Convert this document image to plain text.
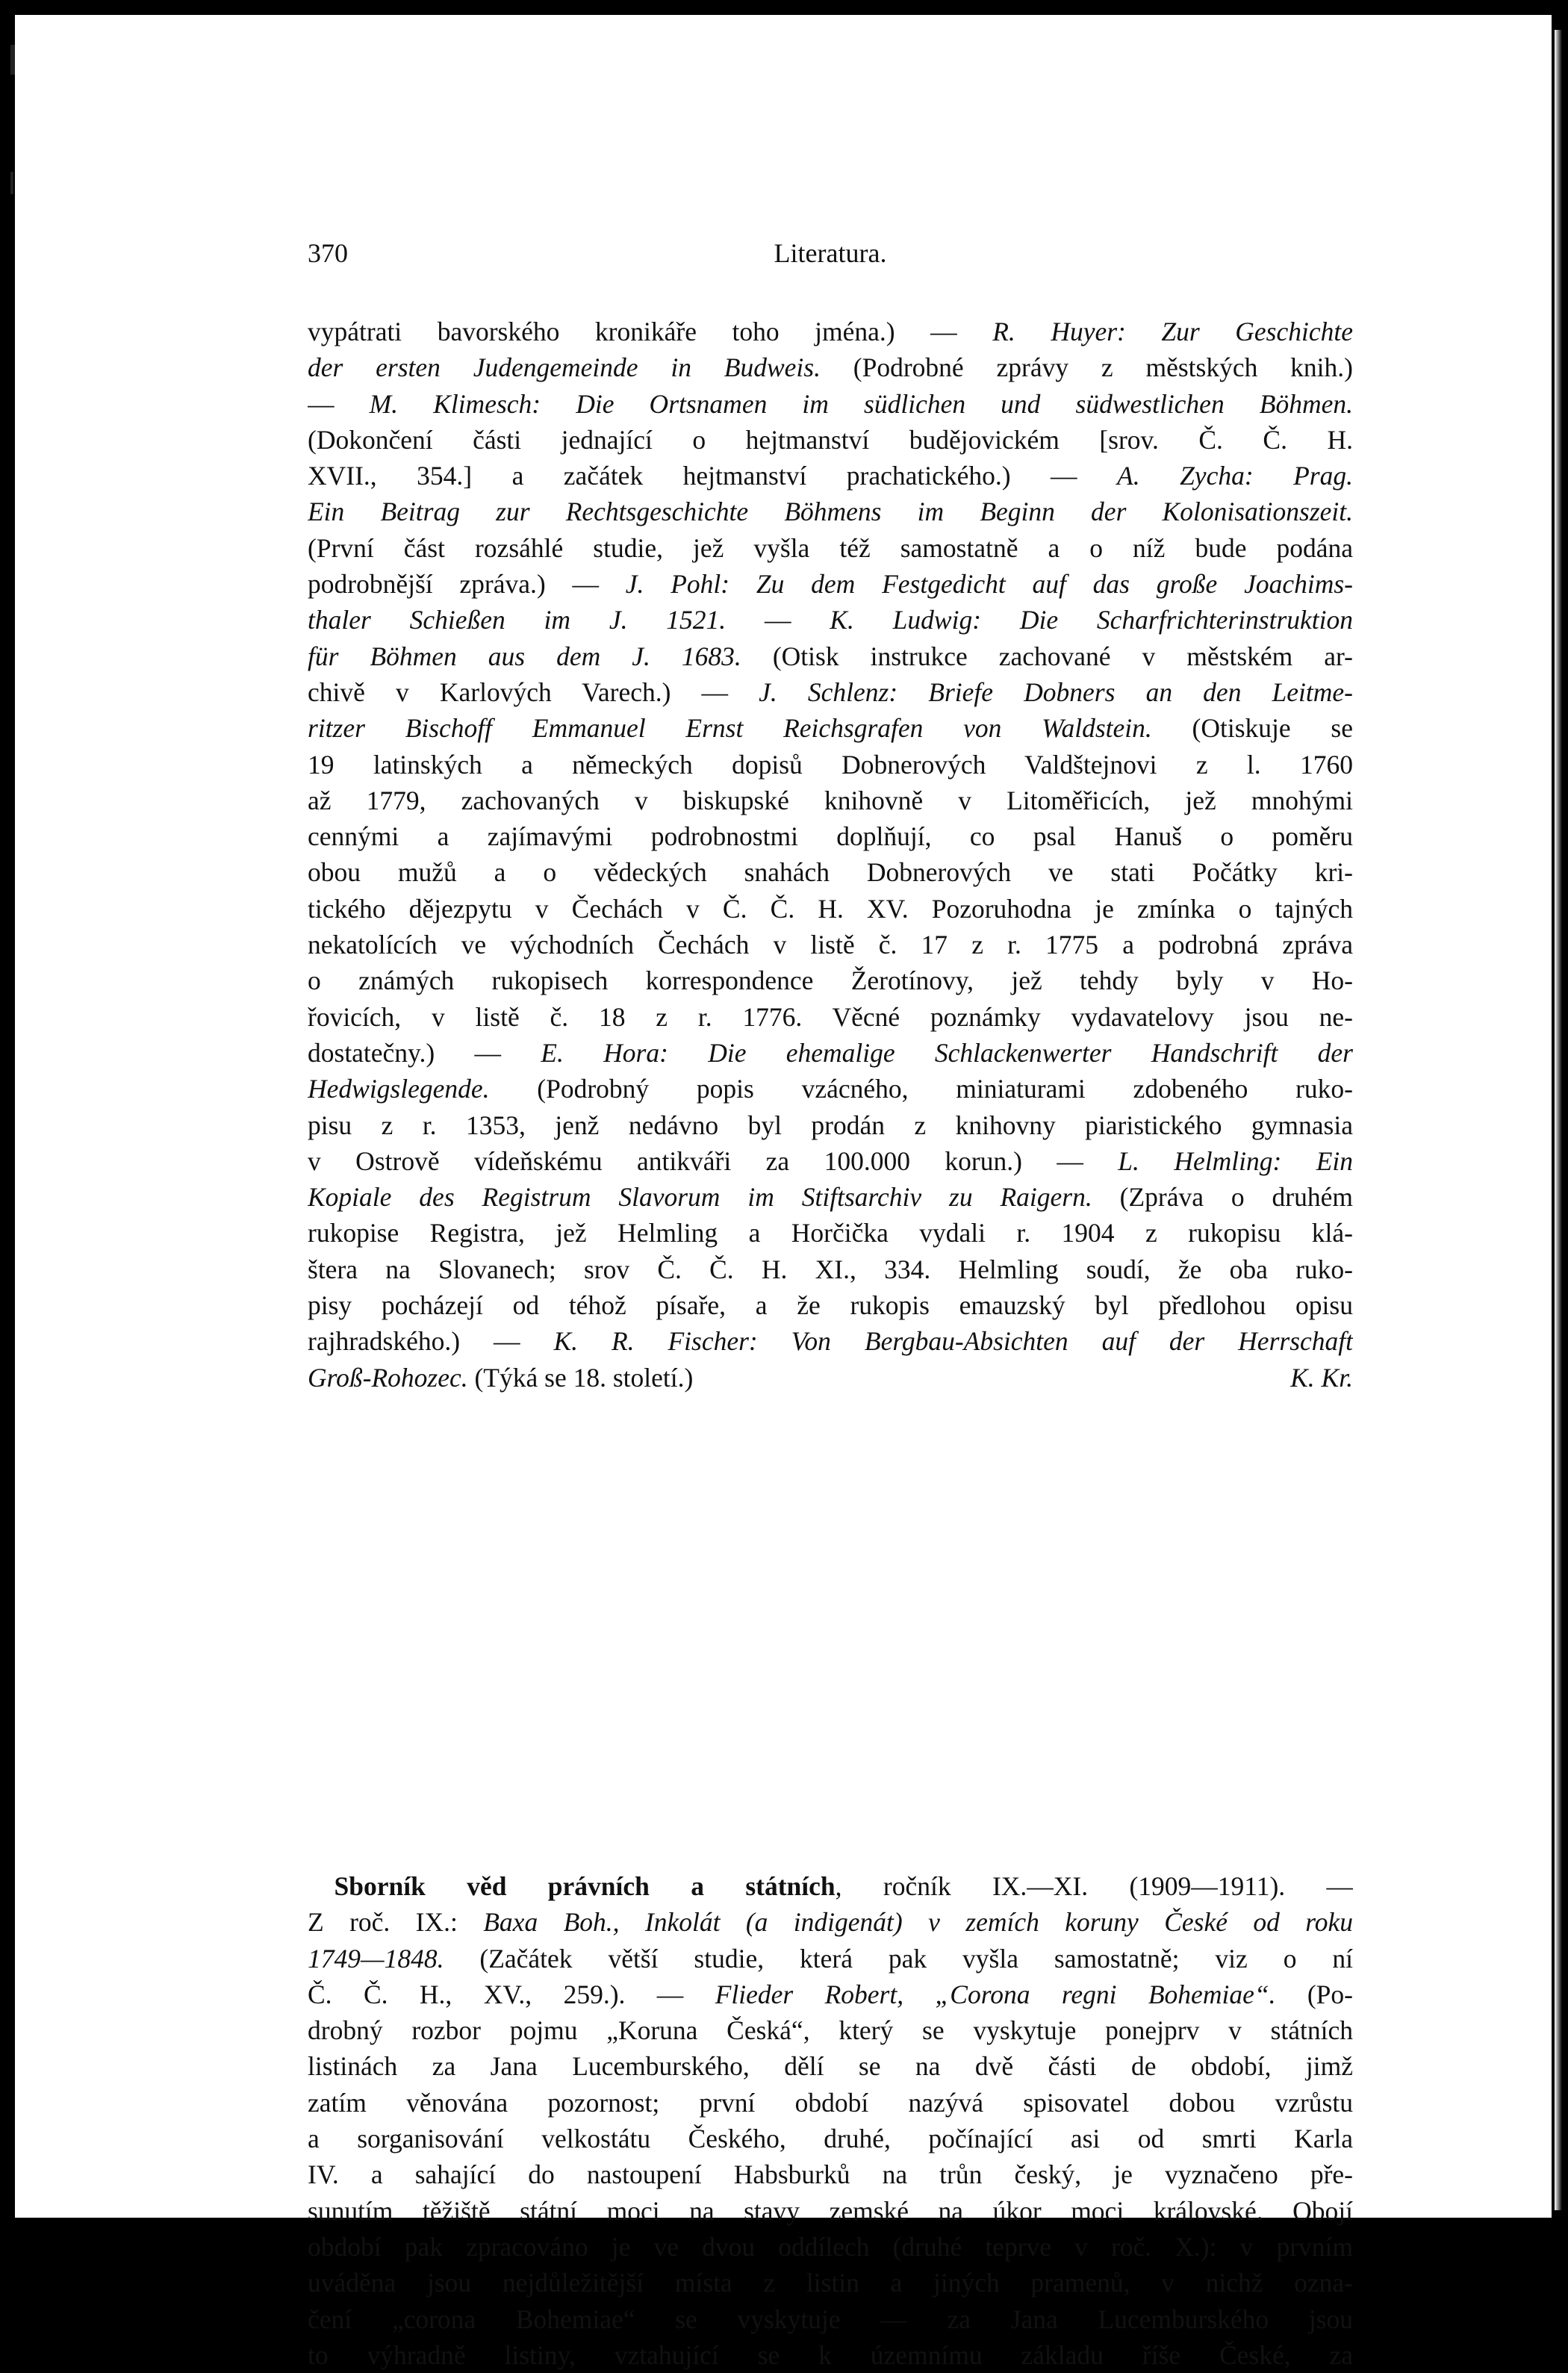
370	Literatura.
vypátrati bavorského kronikáře toho jména.) — R. Huyer: Zur Geschichte
der ersten Judengemeinde in Budweis. (Podrobné zprávy z městských knih.)
— M. Klimesch: Die Ortsnamen im südlichen und südwestlichen Böhmen.
(Dokončení části jednající o hejtmanství budějovickém [srov. Č. Č. H.
XVII., 354.] a začátek hejtmanství prachatického.) — A. Zycha: Prag.
Ein Beitrag zur Rechtsgeschichte Böhmens im Beginn der Kolonisationszeit.
(První část rozsáhlé studie, jež vyšla též samostatně a o níž bude podána
podrobnější zpráva.) — J. Pohl: Zu dem Festgedicht auf das große Joachims-
thaler Schießen im J. 1521. — K. Ludwig: Die Scharfrichterinstruktion
für Böhmen aus dem J. 1683. (Otisk instrukce zachované v městském ar-
chivě v Karlových Varech.) — J. Schlenz: Briefe Dobners an den Leitme-
ritzer Bischoff Emmanuel Ernst Reichsgrafen von Waldstein. (Otiskuje se
19 latinských a německých dopisů Dobnerových Valdštejnovi z l. 1760
až 1779, zachovaných v biskupské knihovně v Litoměřicích, jež mnohými
cennými a zajímavými podrobnostmi doplňují, co psal Hanuš o poměru
obou mužů a o vědeckých snahách Dobnerových ve stati Počátky kri-
tického dějezpytu v Čechách v Č. Č. H. XV. Pozoruhodna je zmínka o tajných
nekatolících ve východních Čechách v listě č. 17 z r. 1775 a podrobná zpráva
o známých rukopisech korrespondence Žerotínovy, jež tehdy byly v Ho-
řovicích, v listě č. 18 z r. 1776. Věcné poznámky vydavatelovy jsou ne-
dostatečny.) — E. Hora: Die ehemalige Schlackenwerter Handschrift der
Hedwigslegende. (Podrobný popis vzácného, miniaturami zdobeného ruko-
pisu z r. 1353, jenž nedávno byl prodán z knihovny piaristického gymnasia
v Ostrově vídeňskému antikváři za 100.000 korun.) — L. Helmling: Ein
Kopiale des Registrum Slavorum im Stiftsarchiv zu Raigern. (Zpráva o druhém
rukopise Registra, jež Helmling a Horčička vydali r. 1904 z rukopisu klá-
štera na Slovanech; srov Č. Č. H. XI., 334. Helmling soudí, že oba ruko-
pisy pocházejí od téhož písaře, a že rukopis emauzský byl předlohou opisu
rajhradského.) — K. R. Fischer: Von Bergbau-Absichten auf der Herrschaft
Groß-Rohozec. (Týká se 18. století.)	K. Kr.
 Sborník věd právních a státních, ročník IX.—XI. (1909—1911). —
Z roč. IX.: Baxa Boh., Inkolát (a indigenát) v zemích koruny České od roku
1749—1848. (Začátek větší studie, která pak vyšla samostatně; viz o ní
Č. Č. H., XV., 259.). — Flieder Robert, „Corona regni Bohemiae“. (Po-
drobný rozbor pojmu „Koruna Česká“, který se vyskytuje ponejprv v státních
listinách za Jana Lucemburského, dělí se na dvě části de období, jimž
zatím věnována pozornost; první období nazývá spisovatel dobou vzrůstu
a sorganisování velkostátu Českého, druhé, počínající asi od smrti Karla
IV. a sahající do nastoupení Habsburků na trůn český, je vyznačeno pře-
sunutím těžiště státní moci na stavy zemské na úkor moci královské. Obojí
období pak zpracováno je ve dvou oddílech (druhé teprve v roč. X.): v prvním
uváděna jsou nejdůležitější místa z listin a jiných pramenů, v nichž ozna-
čení „corona Bohemiae“ se vyskytuje — za Jana Lucemburského jsou
to výhradně listiny, vztahující se k územnímu základu říše České, za
